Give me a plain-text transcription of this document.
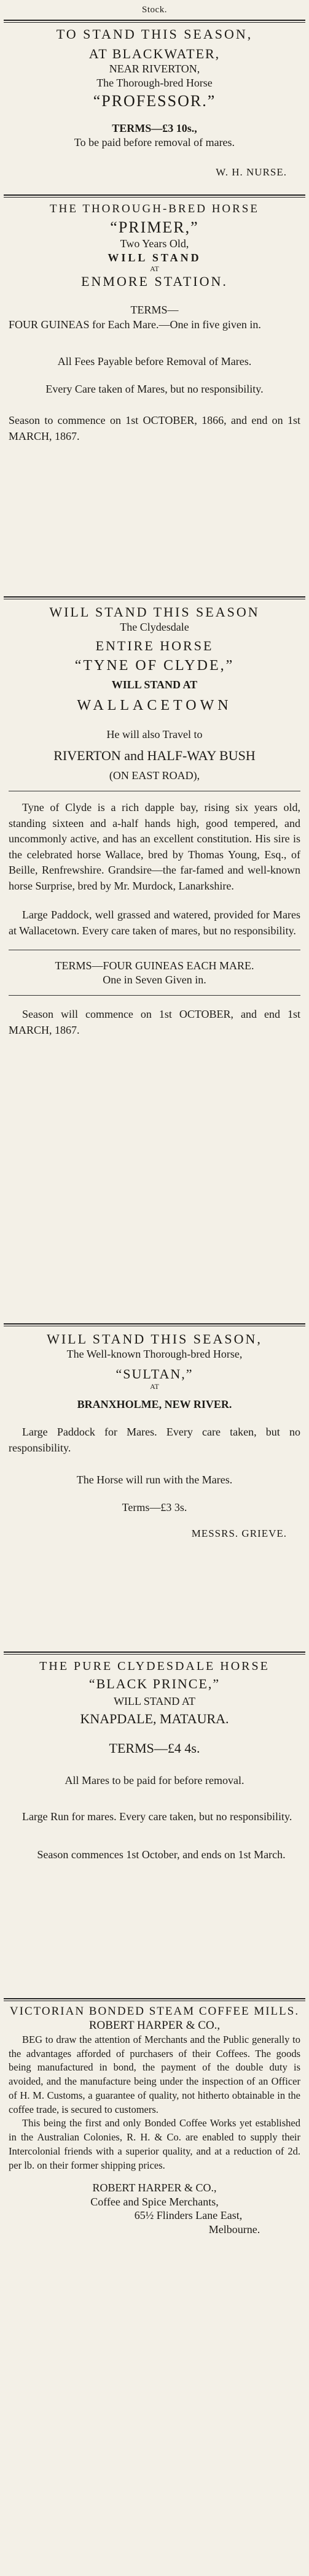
Stock.
TO STAND THIS SEASON,
AT BLACKWATER,
NEAR RIVERTON,
The Thorough-bred Horse
“PROFESSOR.”
TERMS—£3 10s.,
To be paid before removal of mares.
W. H. NURSE.
THE THOROUGH-BRED HORSE
“PRIMER,”
Two Years Old,
WILL STAND
AT
ENMORE STATION.
TERMS—
FOUR GUINEAS for Each Mare.—One in five given in.
All Fees Payable before Removal of Mares.
Every Care taken of Mares, but no responsibility.
Season to commence on 1st OCTOBER, 1866, and end on 1st MARCH, 1867.
WILL STAND THIS SEASON
The Clydesdale
ENTIRE HORSE
“TYNE OF CLYDE,”
WILL STAND AT
WALLACETOWN
He will also Travel to
RIVERTON and HALF-WAY BUSH
(ON EAST ROAD),
Tyne of Clyde is a rich dapple bay, rising six years old, standing sixteen and a-half hands high, good tempered, and uncommonly active, and has an excellent constitution. His sire is the celebrated horse Wallace, bred by Thomas Young, Esq., of Beille, Renfrewshire. Grandsire—the far-famed and well-known horse Surprise, bred by Mr. Murdock, Lanarkshire.
Large Paddock, well grassed and watered, provided for Mares at Wallacetown. Every care taken of mares, but no responsibility.
TERMS—FOUR GUINEAS EACH MARE.
One in Seven Given in.
Season will commence on 1st OCTOBER, and end 1st MARCH, 1867.
WILL STAND THIS SEASON,
The Well-known Thorough-bred Horse,
“SULTAN,”
AT
BRANXHOLME, NEW RIVER.
Large Paddock for Mares. Every care taken, but no responsibility.
The Horse will run with the Mares.
Terms—£3 3s.
MESSRS. GRIEVE.
THE PURE CLYDESDALE HORSE
“BLACK PRINCE,”
WILL STAND AT
KNAPDALE, MATAURA.
TERMS—£4 4s.
All Mares to be paid for before removal.
Large Run for mares. Every care taken, but no responsibility.
Season commences 1st October, and ends on 1st March.
VICTORIAN BONDED STEAM COFFEE MILLS.
ROBERT HARPER & CO.,
BEG to draw the attention of Merchants and the Public generally to the advantages afforded of purchasers of their Coffees. The goods being manufactured in bond, the payment of the double duty is avoided, and the manufacture being under the inspection of an Officer of H. M. Customs, a guarantee of quality, not hitherto obtainable in the coffee trade, is secured to customers.
This being the first and only Bonded Coffee Works yet established in the Australian Colonies, R. H. & Co. are enabled to supply their Intercolonial friends with a superior quality, and at a reduction of 2d. per lb. on their former shipping prices.
ROBERT HARPER & CO.,
Coffee and Spice Merchants,
65½ Flinders Lane East,
Melbourne.
